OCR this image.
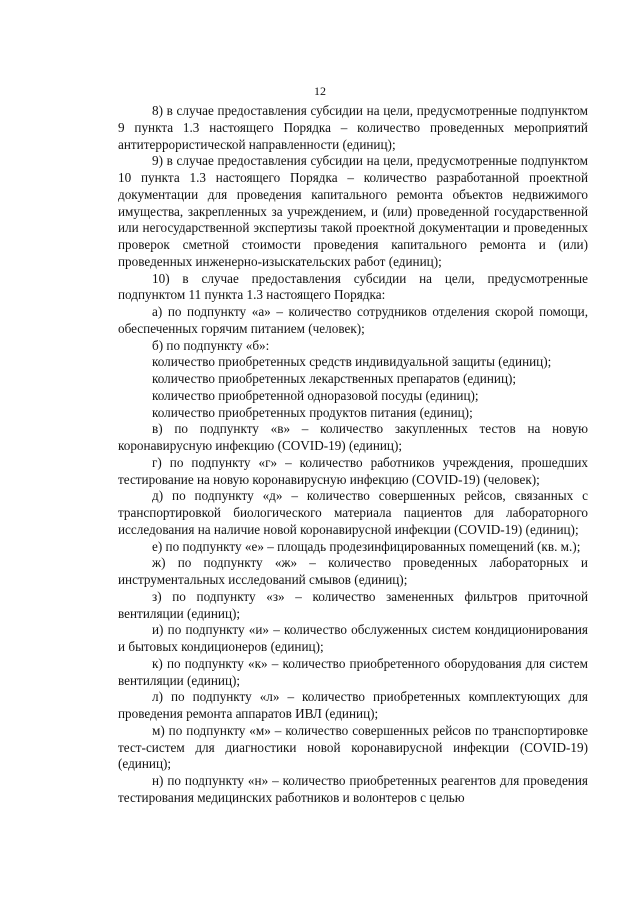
12

8) в случае предоставления субсидии на цели, предусмотренные подпунктом 9 пункта 1.3 настоящего Порядка – количество проведенных мероприятий антитеррористической направленности (единиц);

9) в случае предоставления субсидии на цели, предусмотренные подпунктом 10 пункта 1.3 настоящего Порядка – количество разработанной проектной документации для проведения капитального ремонта объектов недвижимого имущества, закрепленных за учреждением, и (или) проведенной государственной или негосударственной экспертизы такой проектной документации и проведенных проверок сметной стоимости проведения капитального ремонта и (или) проведенных инженерно-изыскательских работ (единиц);

10) в случае предоставления субсидии на цели, предусмотренные подпунктом 11 пункта 1.3 настоящего Порядка:

а) по подпункту «а» – количество сотрудников отделения скорой помощи, обеспеченных горячим питанием (человек);

б) по подпункту «б»:

количество приобретенных средств индивидуальной защиты (единиц);

количество приобретенных лекарственных препаратов (единиц);

количество приобретенной одноразовой посуды (единиц);

количество приобретенных продуктов питания (единиц);

в) по подпункту «в» – количество закупленных тестов на новую коронавирусную инфекцию (COVID-19) (единиц);

г) по подпункту «г» – количество работников учреждения, прошедших тестирование на новую коронавирусную инфекцию (COVID-19) (человек);

д) по подпункту «д» – количество совершенных рейсов, связанных с транспортировкой биологического материала пациентов для лабораторного исследования на наличие новой коронавирусной инфекции (COVID-19) (единиц);

е) по подпункту «е» – площадь продезинфицированных помещений (кв. м.);

ж) по подпункту «ж» – количество проведенных лабораторных и инструментальных исследований смывов (единиц);

з) по подпункту «з» – количество замененных фильтров приточной вентиляции (единиц);

и) по подпункту «и» – количество обслуженных систем кондиционирования и бытовых кондиционеров (единиц);

к) по подпункту «к» – количество приобретенного оборудования для систем вентиляции (единиц);

л) по подпункту «л» – количество приобретенных комплектующих для проведения ремонта аппаратов ИВЛ (единиц);

м) по подпункту «м» – количество совершенных рейсов по транспортировке тест-систем для диагностики новой коронавирусной инфекции (COVID-19) (единиц);

н) по подпункту «н» – количество приобретенных реагентов для проведения тестирования медицинских работников и волонтеров с целью
